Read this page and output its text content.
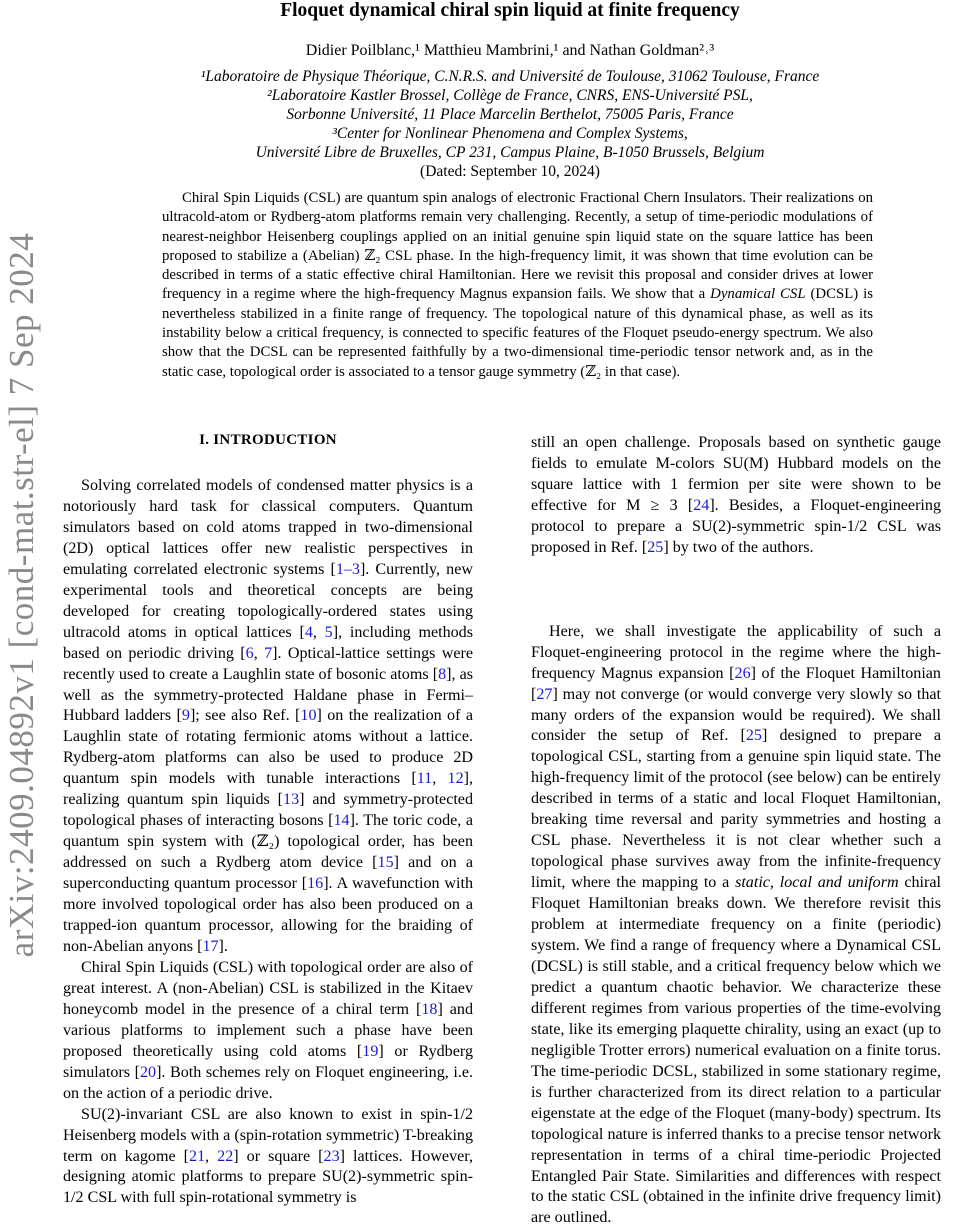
arXiv:2409.04892v1 [cond-mat.str-el] 7 Sep 2024
Floquet dynamical chiral spin liquid at finite frequency
Didier Poilblanc,¹ Matthieu Mambrini,¹ and Nathan Goldman²˒³
¹Laboratoire de Physique Théorique, C.N.R.S. and Université de Toulouse, 31062 Toulouse, France
²Laboratoire Kastler Brossel, Collège de France, CNRS, ENS-Université PSL,
Sorbonne Université, 11 Place Marcelin Berthelot, 75005 Paris, France
³Center for Nonlinear Phenomena and Complex Systems,
Université Libre de Bruxelles, CP 231, Campus Plaine, B-1050 Brussels, Belgium
(Dated: September 10, 2024)

Chiral Spin Liquids (CSL) are quantum spin analogs of electronic Fractional Chern Insulators. Their realizations on ultracold-atom or Rydberg-atom platforms remain very challenging. Recently, a setup of time-periodic modulations of nearest-neighbor Heisenberg couplings applied on an initial genuine spin liquid state on the square lattice has been proposed to stabilize a (Abelian) ℤ₂ CSL phase. In the high-frequency limit, it was shown that time evolution can be described in terms of a static effective chiral Hamiltonian. Here we revisit this proposal and consider drives at lower frequency in a regime where the high-frequency Magnus expansion fails. We show that a Dynamical CSL (DCSL) is nevertheless stabilized in a finite range of frequency. The topological nature of this dynamical phase, as well as its instability below a critical frequency, is connected to specific features of the Floquet pseudo-energy spectrum. We also show that the DCSL can be represented faithfully by a two-dimensional time-periodic tensor network and, as in the static case, topological order is associated to a tensor gauge symmetry (ℤ₂ in that case).

I. INTRODUCTION

Solving correlated models of condensed matter physics is a notoriously hard task for classical computers. Quantum simulators based on cold atoms trapped in two-dimensional (2D) optical lattices offer new realistic perspectives in emulating correlated electronic systems [1–3]. Currently, new experimental tools and theoretical concepts are being developed for creating topologically-ordered states using ultracold atoms in optical lattices [4, 5], including methods based on periodic driving [6, 7]. Optical-lattice settings were recently used to create a Laughlin state of bosonic atoms [8], as well as the symmetry-protected Haldane phase in Fermi–Hubbard ladders [9]; see also Ref. [10] on the realization of a Laughlin state of rotating fermionic atoms without a lattice. Rydberg-atom platforms can also be used to produce 2D quantum spin models with tunable interactions [11, 12], realizing quantum spin liquids [13] and symmetry-protected topological phases of interacting bosons [14]. The toric code, a quantum spin system with (ℤ₂) topological order, has been addressed on such a Rydberg atom device [15] and on a superconducting quantum processor [16]. A wavefunction with more involved topological order has also been produced on a trapped-ion quantum processor, allowing for the braiding of non-Abelian anyons [17].

Chiral Spin Liquids (CSL) with topological order are also of great interest. A (non-Abelian) CSL is stabilized in the Kitaev honeycomb model in the presence of a chiral term [18] and various platforms to implement such a phase have been proposed theoretically using cold atoms [19] or Rydberg simulators [20]. Both schemes rely on Floquet engineering, i.e. on the action of a periodic drive.

SU(2)-invariant CSL are also known to exist in spin-1/2 Heisenberg models with a (spin-rotation symmetric) T-breaking term on kagome [21, 22] or square [23] lattices. However, designing atomic platforms to prepare SU(2)-symmetric spin-1/2 CSL with full spin-rotational symmetry is

still an open challenge. Proposals based on synthetic gauge fields to emulate M-colors SU(M) Hubbard models on the square lattice with 1 fermion per site were shown to be effective for M ≥ 3 [24]. Besides, a Floquet-engineering protocol to prepare a SU(2)-symmetric spin-1/2 CSL was proposed in Ref. [25] by two of the authors.

Here, we shall investigate the applicability of such a Floquet-engineering protocol in the regime where the high-frequency Magnus expansion [26] of the Floquet Hamiltonian [27] may not converge (or would converge very slowly so that many orders of the expansion would be required). We shall consider the setup of Ref. [25] designed to prepare a topological CSL, starting from a genuine spin liquid state. The high-frequency limit of the protocol (see below) can be entirely described in terms of a static and local Floquet Hamiltonian, breaking time reversal and parity symmetries and hosting a CSL phase. Nevertheless it is not clear whether such a topological phase survives away from the infinite-frequency limit, where the mapping to a static, local and uniform chiral Floquet Hamiltonian breaks down. We therefore revisit this problem at intermediate frequency on a finite (periodic) system. We find a range of frequency where a Dynamical CSL (DCSL) is still stable, and a critical frequency below which we predict a quantum chaotic behavior. We characterize these different regimes from various properties of the time-evolving state, like its emerging plaquette chirality, using an exact (up to negligible Trotter errors) numerical evaluation on a finite torus. The time-periodic DCSL, stabilized in some stationary regime, is further characterized from its direct relation to a particular eigenstate at the edge of the Floquet (many-body) spectrum. Its topological nature is inferred thanks to a precise tensor network representation in terms of a chiral time-periodic Projected Entangled Pair State. Similarities and differences with respect to the static CSL (obtained in the infinite drive frequency limit) are outlined.
